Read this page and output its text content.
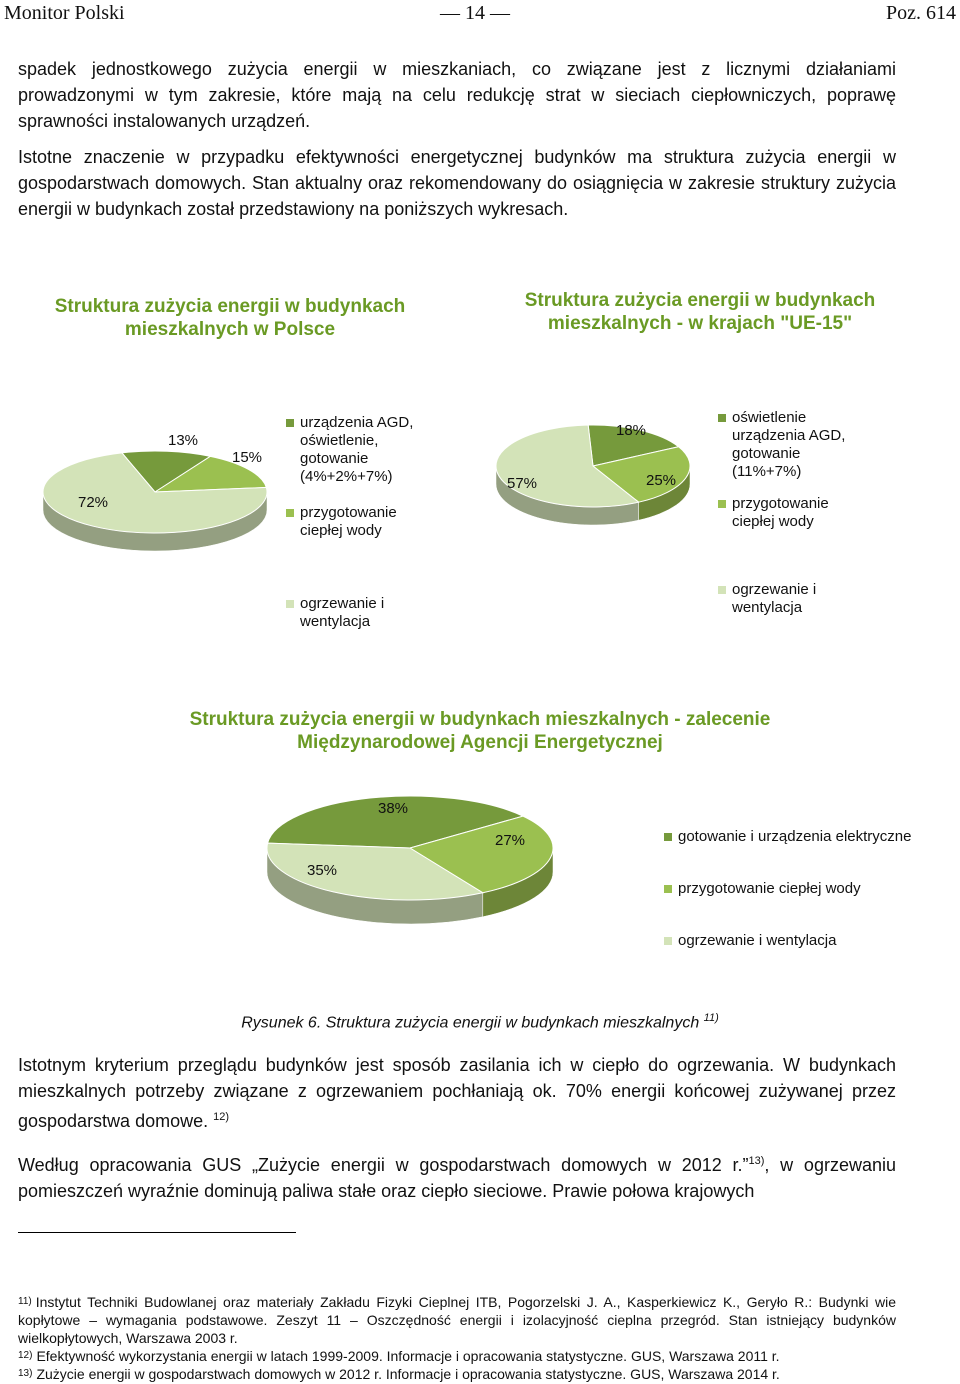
Monitor Polski	— 14 —	Poz. 614
spadek jednostkowego zużycia energii w mieszkaniach, co związane jest z licznymi działaniami prowadzonymi w tym zakresie, które mają na celu redukcję strat w sieciach ciepłowniczych, poprawę sprawności instalowanych urządzeń.
Istotne znaczenie w przypadku efektywności energetycznej budynków ma struktura zużycia energii w gospodarstwach domowych. Stan aktualny oraz rekomendowany do osiągnięcia w zakresie struktury zużycia energii w budynkach został przedstawiony na poniższych wykresach.
Struktura zużycia energii w budynkach mieszkalnych w Polsce
Struktura zużycia energii w budynkach mieszkalnych - w krajach "UE-15"
Struktura zużycia energii w budynkach mieszkalnych - zalecenie Międzynarodowej Agencji Energetycznej
13%
15%
72%
18%
25%
57%
38%
27%
35%
urządzenia AGD, oświetlenie, gotowanie (4%+2%+7%)
przygotowanie ciepłej wody
ogrzewanie i wentylacja
oświetlenie urządzenia AGD, gotowanie (11%+7%)
przygotowanie ciepłej wody
ogrzewanie i wentylacja
gotowanie i urządzenia elektryczne
przygotowanie ciepłej wody
ogrzewanie i wentylacja
Rysunek 6. Struktura zużycia energii w budynkach mieszkalnych $^{11)}$
Istotnym kryterium przeglądu budynków jest sposób zasilania ich w ciepło do ogrzewania. W budynkach mieszkalnych potrzeby związane z ogrzewaniem pochłaniają ok. 70% energii końcowej zużywanej przez gospodarstwa domowe. $^{12)}$
Według opracowania GUS „Zużycie energii w gospodarstwach domowych w 2012 r.”$^{13)}$, w ogrzewaniu pomieszczeń wyraźnie dominują paliwa stałe oraz ciepło sieciowe. Prawie połowa krajowych
$^{11)}$ Instytut Techniki Budowlanej oraz materiały Zakładu Fizyki Cieplnej ITB, Pogorzelski J. A., Kasperkiewicz K., Geryło R.: Budynki wie kopłytowe – wymagania podstawowe. Zeszyt 11 – Oszczędność energii i izolacyjność cieplna przegród. Stan istniejący budynków wielkopłytowych, Warszawa 2003 r.
$^{12)}$ Efektywność wykorzystania energii w latach 1999-2009. Informacje i opracowania statystyczne. GUS, Warszawa 2011 r.
$^{13)}$ Zużycie energii w gospodarstwach domowych w 2012 r. Informacje i opracowania statystyczne. GUS, Warszawa 2014 r.
